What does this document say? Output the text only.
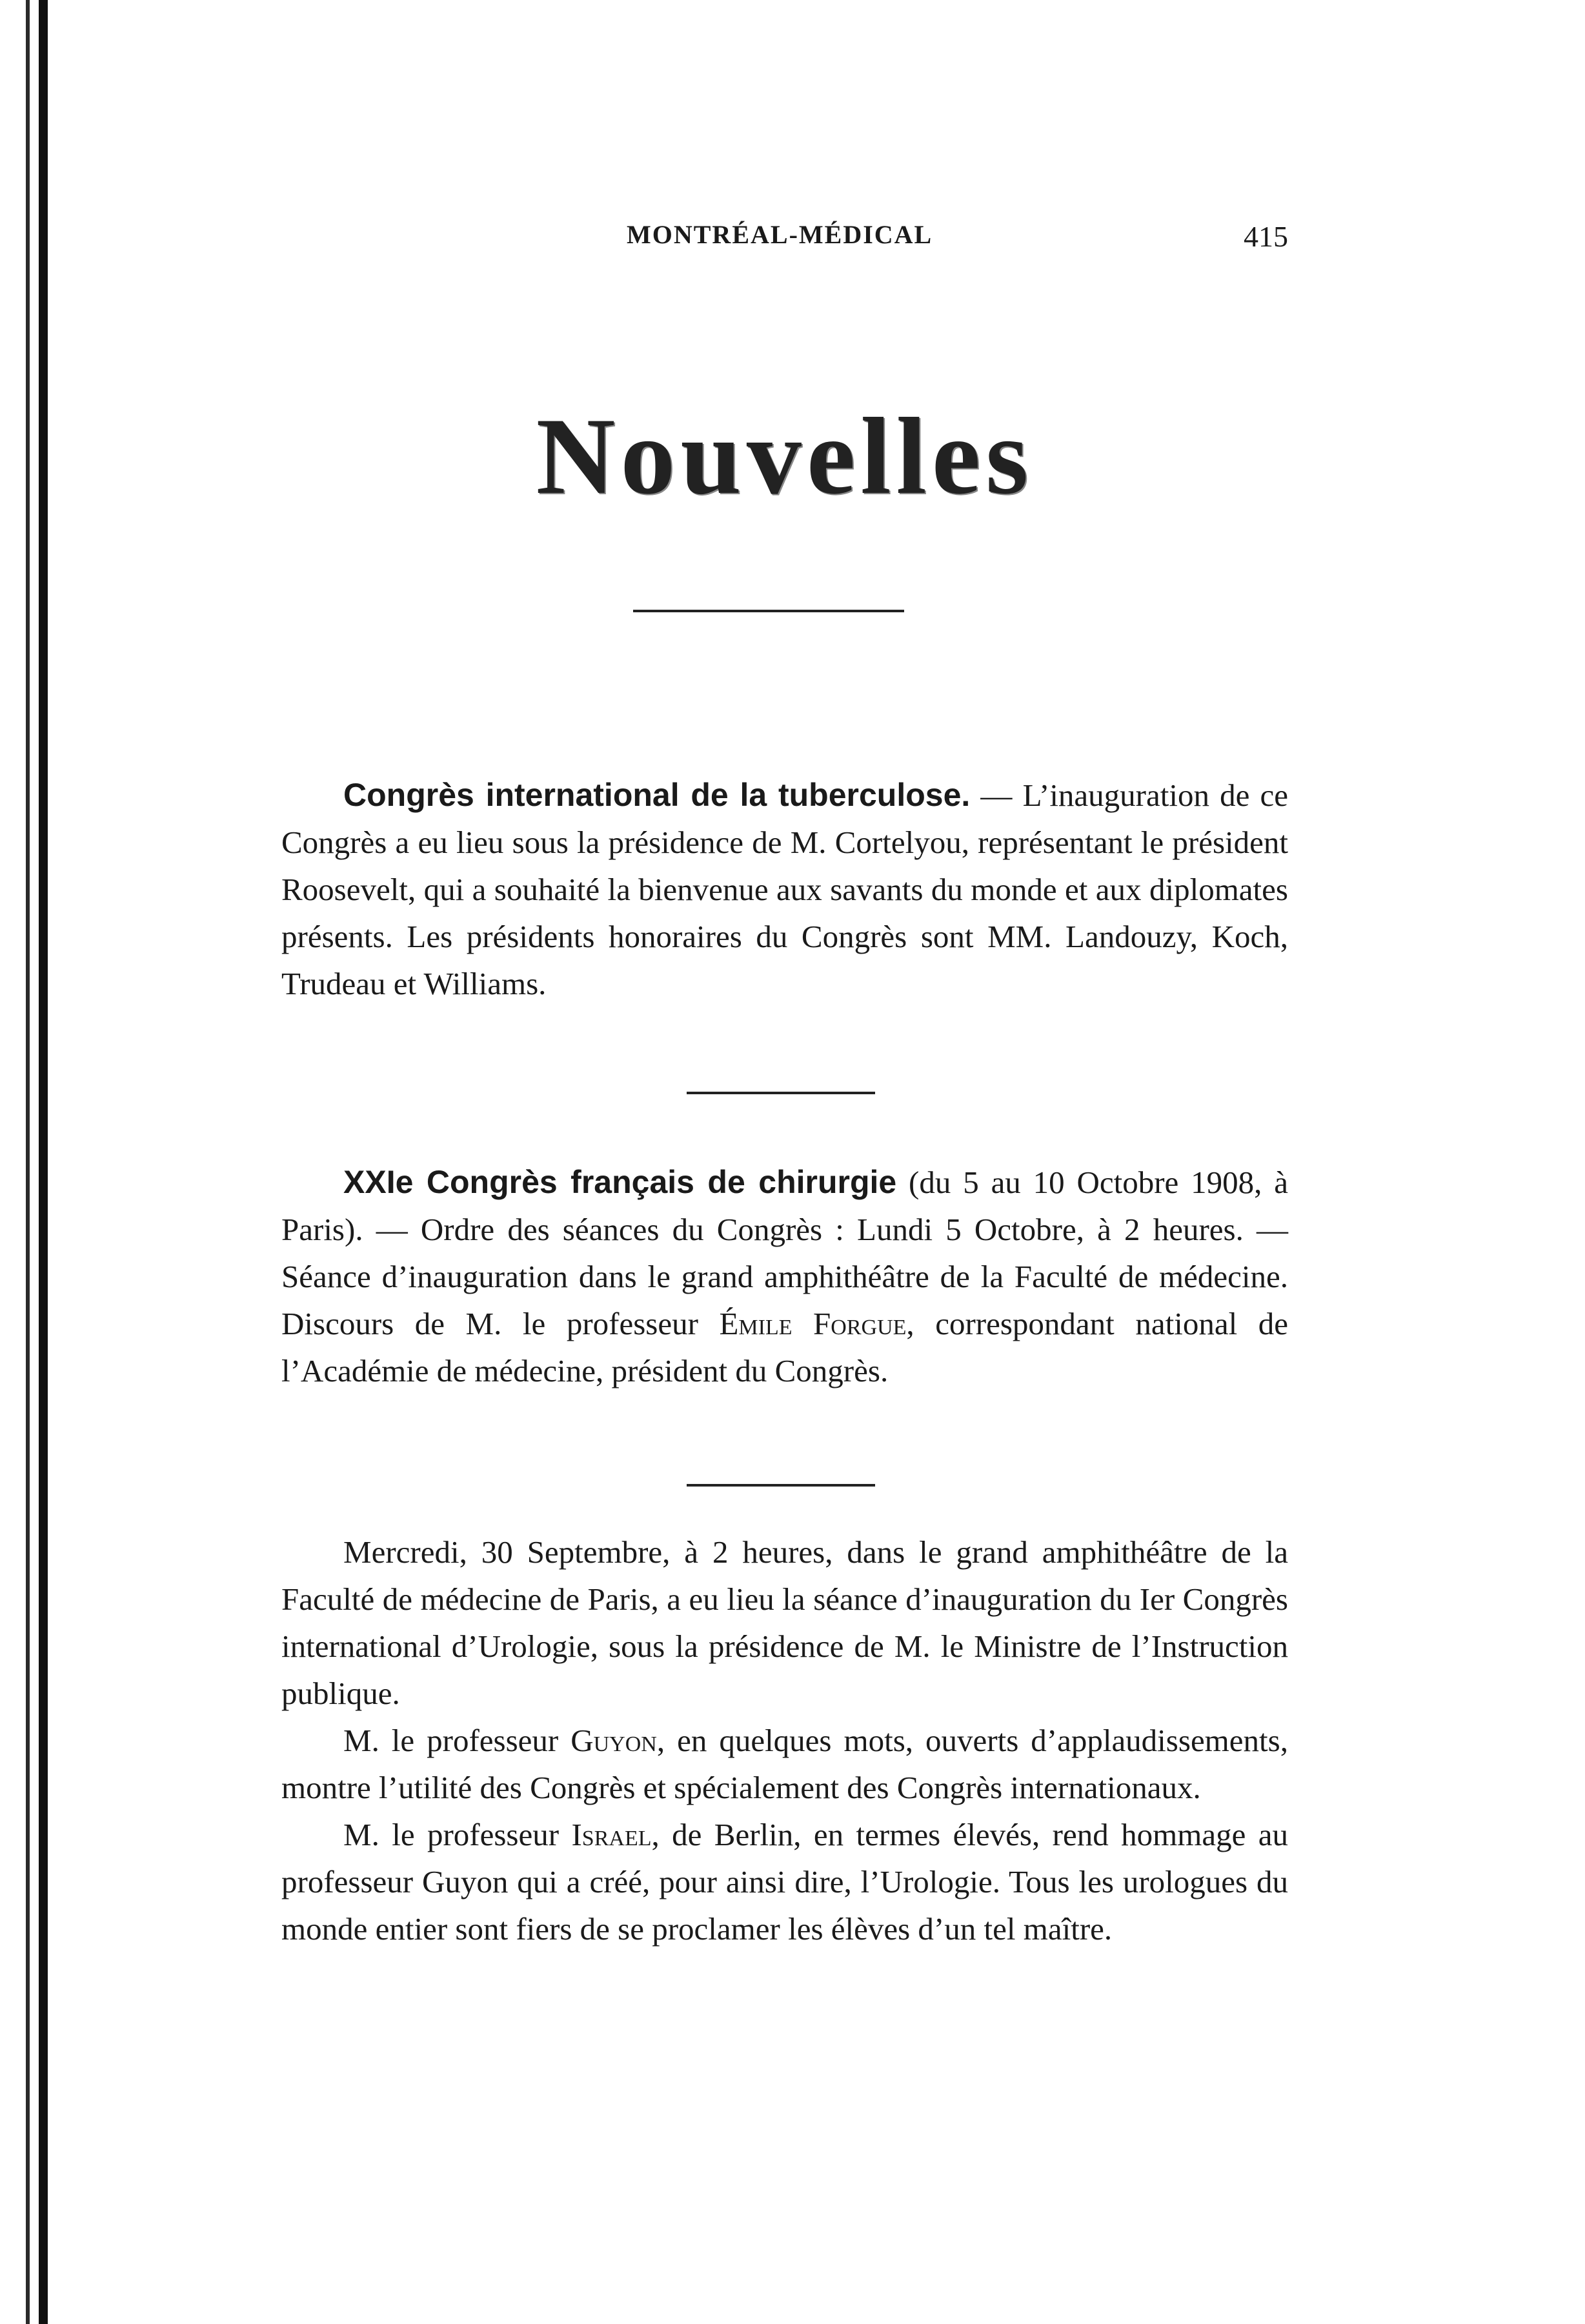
MONTRÉAL-MÉDICAL	415
Nouvelles

Congrès international de la tuberculose. — L’inauguration de ce Congrès a eu lieu sous la présidence de M. Cortelyou, représentant le président Roosevelt, qui a souhaité la bienvenue aux savants du monde et aux diplomates présents. Les présidents honoraires du Congrès sont MM. Landouzy, Koch, Trudeau et Williams.

XXIe Congrès français de chirurgie (du 5 au 10 Octobre 1908, à Paris). — Ordre des séances du Congrès : Lundi 5 Octobre, à 2 heures. — Séance d’inauguration dans le grand amphithéâtre de la Faculté de médecine. Discours de M. le professeur Émile Forgue, correspondant national de l’Académie de médecine, président du Congrès.

Mercredi, 30 Septembre, à 2 heures, dans le grand amphithéâtre de la Faculté de médecine de Paris, a eu lieu la séance d’inauguration du Ier Congrès international d’Urologie, sous la présidence de M. le Ministre de l’Instruction publique.

M. le professeur Guyon, en quelques mots, ouverts d’applaudissements, montre l’utilité des Congrès et spécialement des Congrès internationaux.

M. le professeur Israel, de Berlin, en termes élevés, rend hommage au professeur Guyon qui a créé, pour ainsi dire, l’Urologie. Tous les urologues du monde entier sont fiers de se proclamer les élèves d’un tel maître.
